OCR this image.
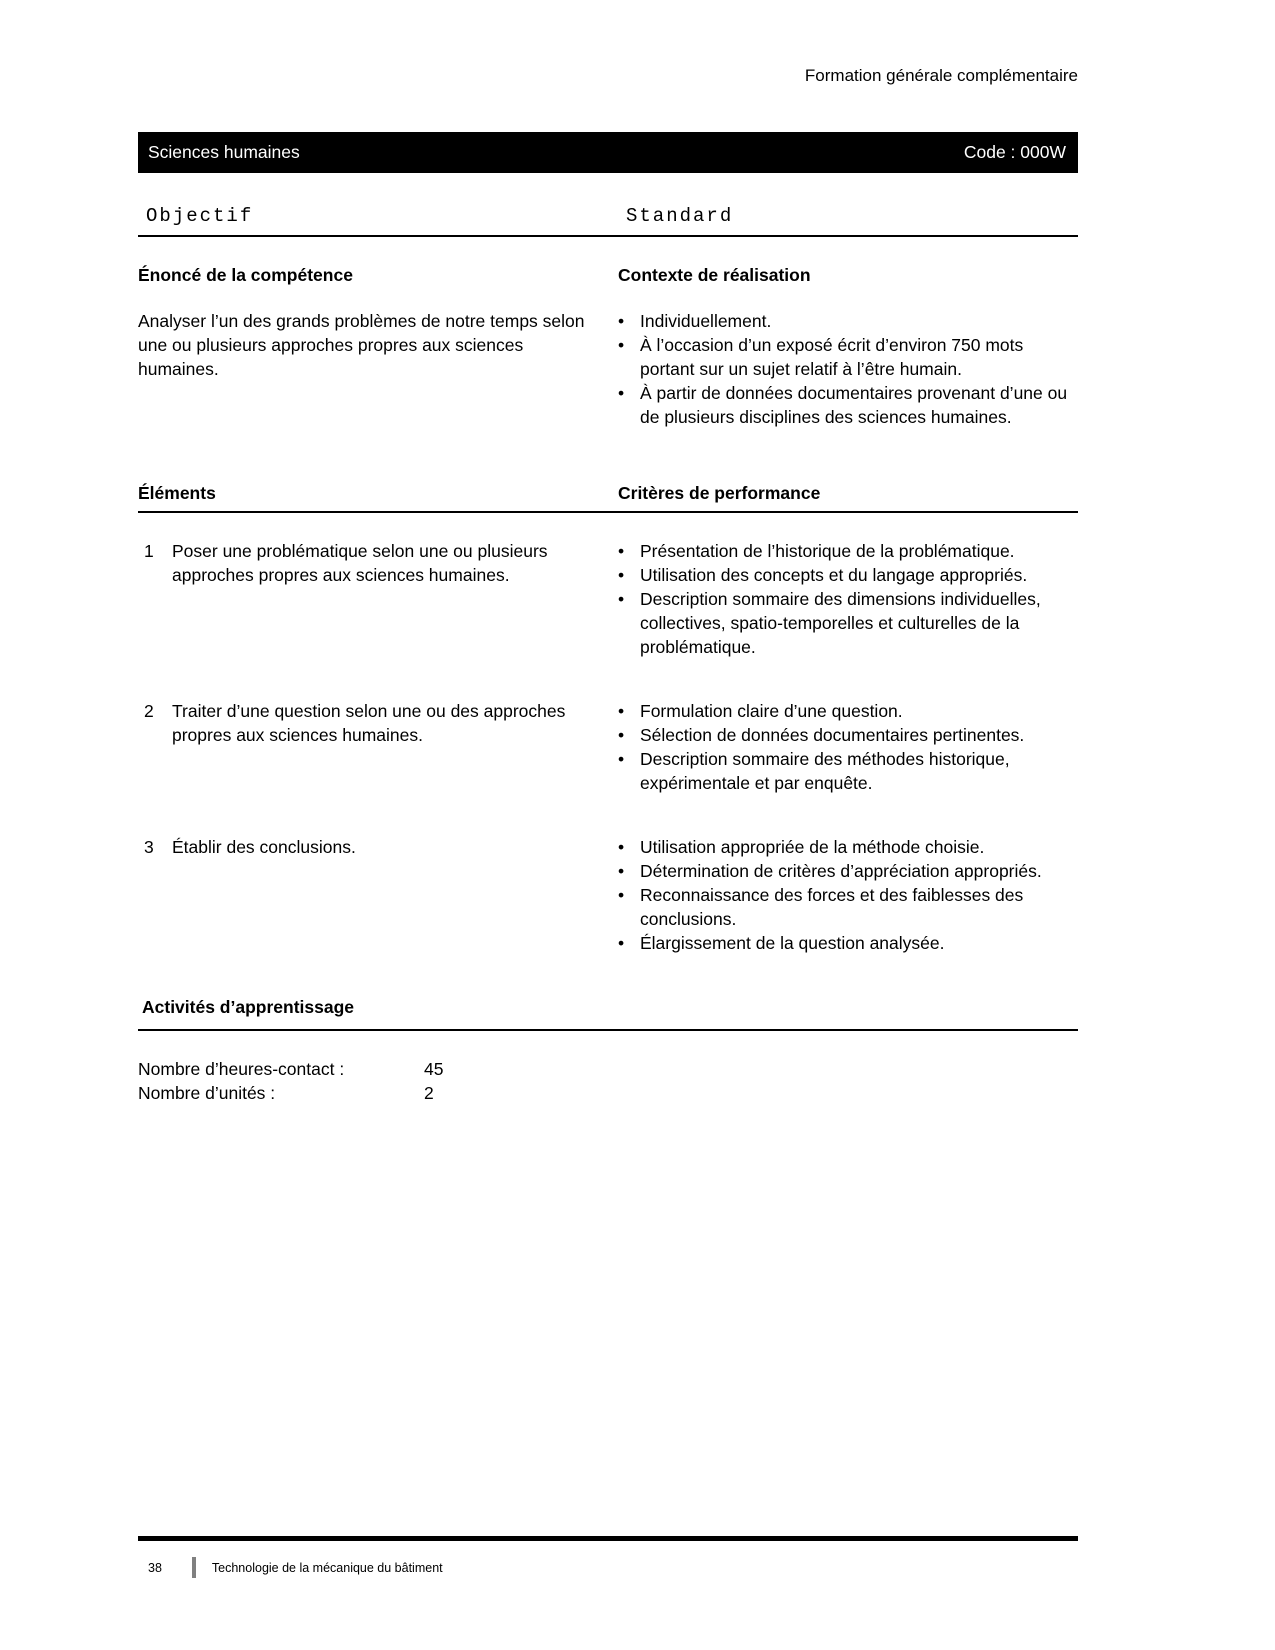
Formation générale complémentaire
Sciences humaines	Code : 000W
Objectif	Standard
Énoncé de la compétence

Analyser l’un des grands problèmes de notre temps selon une ou plusieurs approches propres aux sciences humaines.

Contexte de réalisation
• Individuellement.
• À l’occasion d’un exposé écrit d’environ 750 mots portant sur un sujet relatif à l’être humain.
• À partir de données documentaires provenant d’une ou de plusieurs disciplines des sciences humaines.
Éléments	Critères de performance
1	Poser une problématique selon une ou plusieurs approches propres aux sciences humaines.
• Présentation de l’historique de la problématique.
• Utilisation des concepts et du langage appropriés.
• Description sommaire des dimensions individuelles, collectives, spatio-temporelles et culturelles de la problématique.
2	Traiter d’une question selon une ou des approches propres aux sciences humaines.
• Formulation claire d’une question.
• Sélection de données documentaires pertinentes.
• Description sommaire des méthodes historique, expérimentale et par enquête.
3	Établir des conclusions.	• Utilisation appropriée de la méthode choisie.
• Détermination de critères d’appréciation appropriés.
• Reconnaissance des forces et des faiblesses des conclusions.
• Élargissement de la question analysée.
Activités d’apprentissage
Nombre d’heures-contact :	45
Nombre d’unités :	2
38	Technologie de la mécanique du bâtiment
